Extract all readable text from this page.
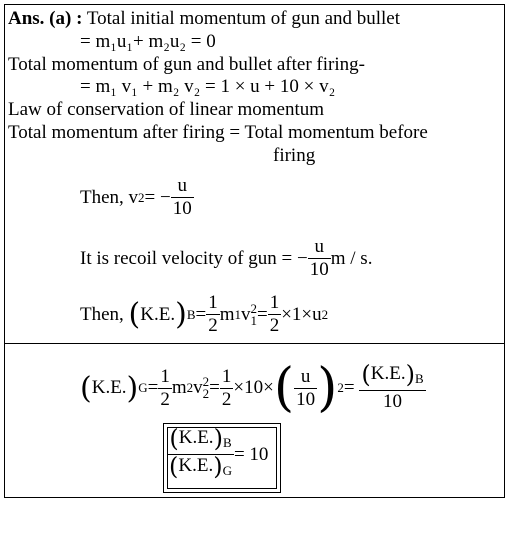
Ans. (a) : Total initial momentum of gun and bullet
= m₁u₁+ m₂u₂ = 0
Total momentum of gun and bullet after firing-
= m₁ v₁ + m₂ v₂ = 1 × u + 10 × v₂
Law of conservation of linear momentum
Total momentum after firing = Total momentum before
firing
Then, v 2 = − $\frac{u}{10}$
It is recoil velocity of gun = − $\frac{u}{10}$ m / s.
Then,
( K.E. ) $B = \frac{1}{2}$ m 1 v 2
$1 = \frac{1}{2} \times 1\times u$ 2
( K.E. ) $G = \frac{1}{2}$ m 2 v 2
$2 = \frac{1}{2} \times 10\times$ ( $\frac{u}{10}$ ) 2 =
$\frac{(K.E.)_B}{10}$
$\frac{(K.E.)_B}{(K.E.)_G} = 10$
